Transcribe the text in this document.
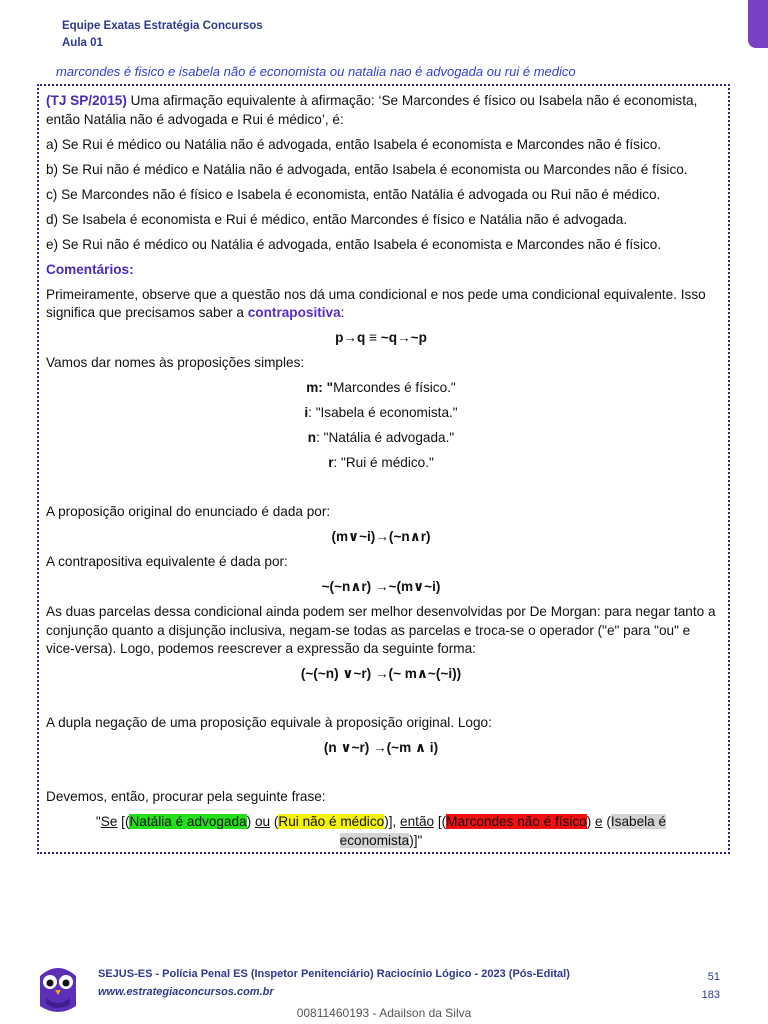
Equipe Exatas Estratégia Concursos
Aula 01
marcondes é fisico e isabela não é economista ou natalia nao é advogada ou rui é medico

(TJ SP/2015) Uma afirmação equivalente à afirmação: ‘Se Marcondes é físico ou Isabela não é economista, então Natália não é advogada e Rui é médico’, é:

a) Se Rui é médico ou Natália não é advogada, então Isabela é economista e Marcondes não é físico.

b) Se Rui não é médico e Natália não é advogada, então Isabela é economista ou Marcondes não é físico.

c) Se Marcondes não é físico e Isabela é economista, então Natália é advogada ou Rui não é médico.

d) Se Isabela é economista e Rui é médico, então Marcondes é físico e Natália não é advogada.

e) Se Rui não é médico ou Natália é advogada, então Isabela é economista e Marcondes não é físico.

Comentários:

Primeiramente, observe que a questão nos dá uma condicional e nos pede uma condicional equivalente. Isso significa que precisamos saber a contrapositiva:

p→q ≡ ~q→~p

Vamos dar nomes às proposições simples:

m: "Marcondes é físico."

i: "Isabela é economista."

n: "Natália é advogada."

r: "Rui é médico."

A proposição original do enunciado é dada por:

(m∨~i)→(~n∧r)

A contrapositiva equivalente é dada por:

~(~n∧r) →~(m∨~i)

As duas parcelas dessa condicional ainda podem ser melhor desenvolvidas por De Morgan: para negar tanto a conjunção quanto a disjunção inclusiva, negam-se todas as parcelas e troca-se o operador ("e" para "ou" e vice-versa). Logo, podemos reescrever a expressão da seguinte forma:

(~(~n) ∨~r) →(~ m∧~(~i))

A dupla negação de uma proposição equivale à proposição original. Logo:

(n ∨~r) →(~m ∧ i)

Devemos, então, procurar pela seguinte frase:

"Se [(Natália é advogada) ou (Rui não é médico)], então [(Marcondes não é físico) e (Isabela é economista)]"

SEJUS-ES - Polícia Penal ES (Inspetor Penitenciário) Raciocínio Lógico - 2023 (Pós-Edital)
www.estrategiaconcursos.com.br
51
183
00811460193 - Adailson da Silva
